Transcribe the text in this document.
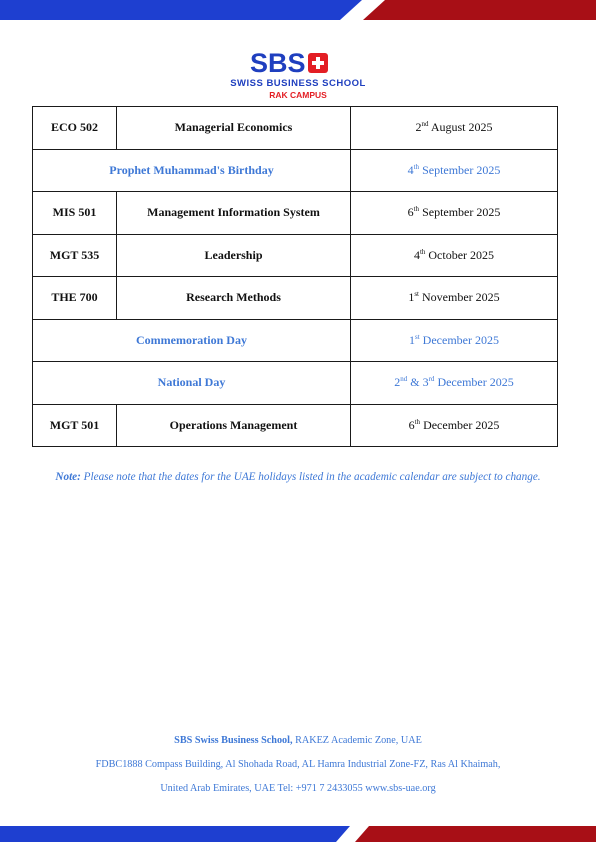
SBS
SWISS BUSINESS SCHOOL
RAK CAMPUS
ECO 502	Managerial Economics	2nd August 2025
Prophet Muhammad's Birthday		4th September 2025
MIS 501	Management Information System	6th September 2025
MGT 535	Leadership	4th October 2025
THE 700	Research Methods	1st November 2025
Commemoration Day		1st December 2025
National Day		2nd & 3rd December 2025
MGT 501	Operations Management	6th December 2025
Note: Please note that the dates for the UAE holidays listed in the academic calendar are subject to change.
SBS Swiss Business School, RAKEZ Academic Zone, UAE
FDBC1888 Compass Building, Al Shohada Road, AL Hamra Industrial Zone-FZ, Ras Al Khaimah,
United Arab Emirates, UAE Tel: +971 7 2433055 www.sbs-uae.org
